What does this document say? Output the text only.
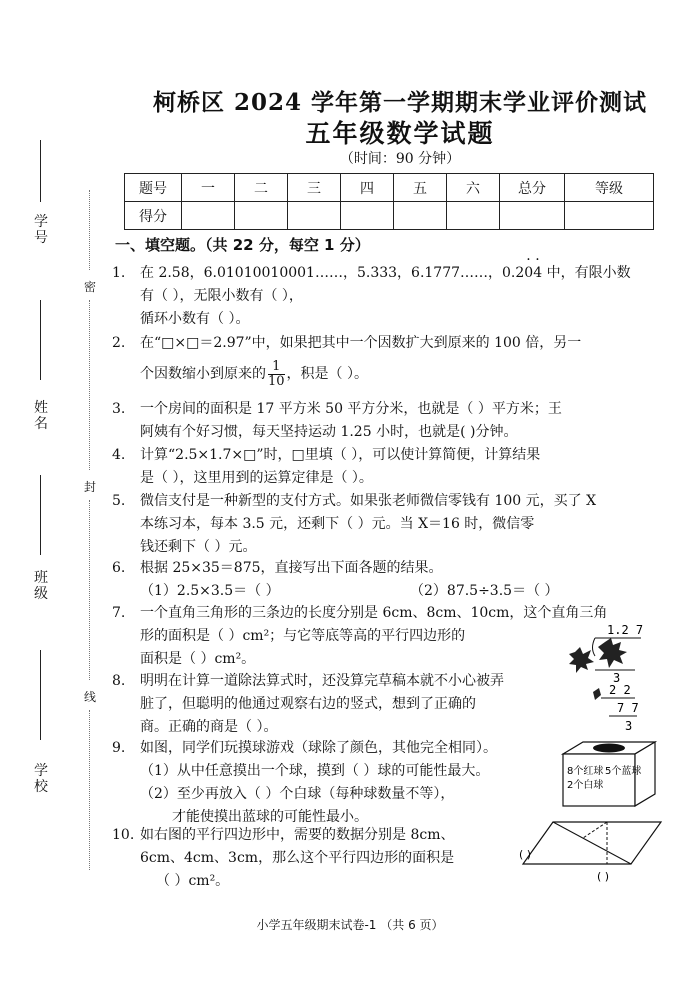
学号
姓名
班级
学校
密
封
线
柯桥区 2024 学年第一学期期末学业评价测试
五年级数学试题
（时间：90 分钟）
题号	一	二	三	四	五	六	总分	等级
得分								
一、填空题。（共 22 分，每空 1 分）
1. 在 2.58，6.01010010001……，5.333，6.1777……，0.2· 0· 4 中，有限小数
有（ ），无限小数有（ ），
循环小数有（ ）。
2. 在“□×□＝2.97”中，如果把其中一个因数扩大到原来的 100 倍，另一
个因数缩小到原来的 $\frac{1}{10}$ ，积是（ ）。
3. 一个房间的面积是 17 平方米 50 平方分米，也就是（ ）平方米；王
阿姨有个好习惯，每天坚持运动 1.25 小时，也就是( )分钟。
4. 计算“2.5×1.7×□”时，□里填（ ），可以使计算简便，计算结果
是（ ），这里用到的运算定律是（ ）。
5. 微信支付是一种新型的支付方式。如果张老师微信零钱有 100 元，买了 X
本练习本，每本 3.5 元，还剩下（ ）元。当 X＝16 时，微信零
钱还剩下（ ）元。
6. 根据 25×35＝875，直接写出下面各题的结果。
（1）2.5×3.5＝（ ）	（2）87.5÷3.5＝（ ）
7. 一个直角三角形的三条边的长度分别是 6cm、8cm、10cm，这个直角三角
形的面积是（ ）cm²；与它等底等高的平行四边形的
面积是（ ）cm²。
8. 明明在计算一道除法算式时，还没算完草稿本就不小心被弄
脏了，但聪明的他通过观察右边的竖式，想到了正确的
商。正确的商是（ ）。
9. 如图，同学们玩摸球游戏（球除了颜色，其他完全相同）。
（1）从中任意摸出一个球，摸到（ ）球的可能性最大。
（2）至少再放入（ ）个白球（每种球数量不等），
才能使摸出蓝球的可能性最小。
10. 如右图的平行四边形中，需要的数据分别是 8cm、
6cm、4cm、3cm，那么这个平行四边形的面积是
（ ）cm²。
1.2 7
3
2 2
7 7
3
8个红球
2个白球
5个蓝球
( )
( )
小学五年级期末试卷-1 （共 6 页）
